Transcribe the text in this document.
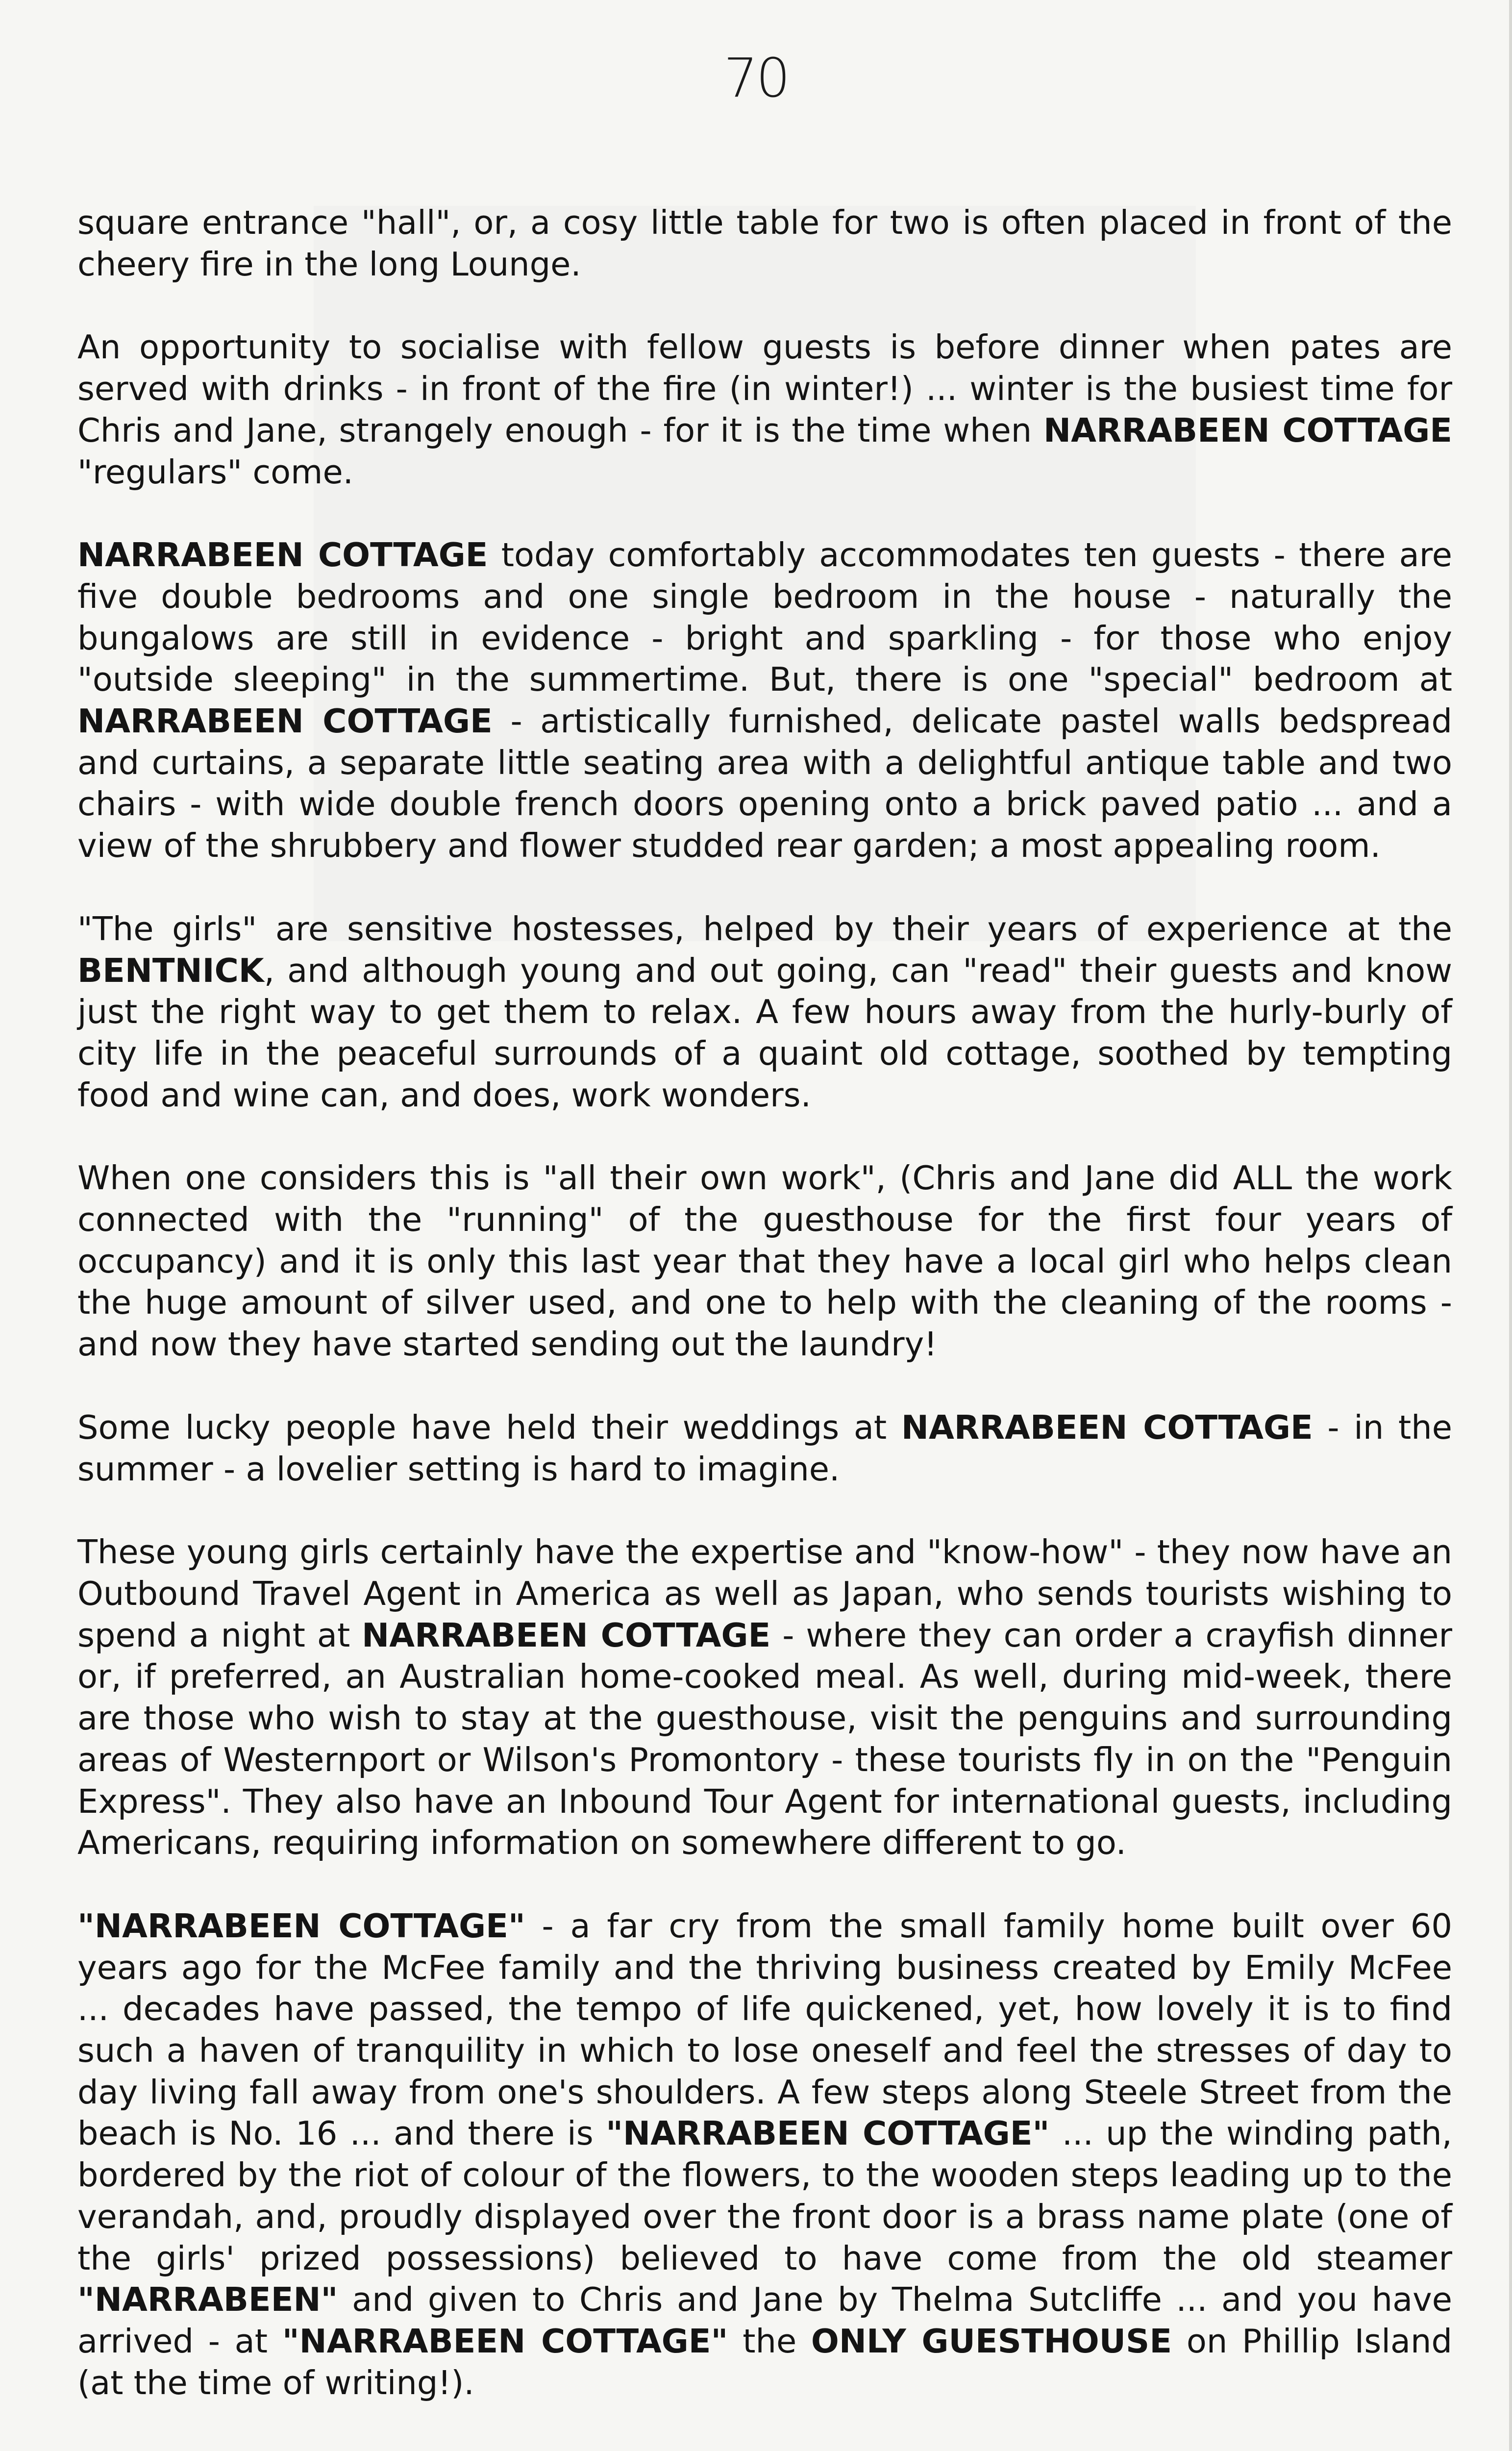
70

square entrance "hall", or, a cosy little table for two is often placed in front of the cheery fire in the long Lounge.

An opportunity to socialise with fellow guests is before dinner when pates are served with drinks - in front of the fire (in winter!) ... winter is the busiest time for Chris and Jane, strangely enough - for it is the time when NARRABEEN COTTAGE "regulars" come.

NARRABEEN COTTAGE today comfortably accommodates ten guests - there are five double bedrooms and one single bedroom in the house - naturally the bungalows are still in evidence - bright and sparkling - for those who enjoy "outside sleeping" in the summertime. But, there is one "special" bedroom at NARRABEEN COTTAGE - artistically furnished, delicate pastel walls bedspread and curtains, a separate little seating area with a delightful antique table and two chairs - with wide double french doors opening onto a brick paved patio ... and a view of the shrubbery and flower studded rear garden; a most appealing room.

"The girls" are sensitive hostesses, helped by their years of experience at the BENTNICK, and although young and out going, can "read" their guests and know just the right way to get them to relax. A few hours away from the hurly-burly of city life in the peaceful surrounds of a quaint old cottage, soothed by tempting food and wine can, and does, work wonders.

When one considers this is "all their own work", (Chris and Jane did ALL the work connected with the "running" of the guesthouse for the first four years of occupancy) and it is only this last year that they have a local girl who helps clean the huge amount of silver used, and one to help with the cleaning of the rooms - and now they have started sending out the laundry!

Some lucky people have held their weddings at NARRABEEN COTTAGE - in the summer - a lovelier setting is hard to imagine.

These young girls certainly have the expertise and "know-how" - they now have an Outbound Travel Agent in America as well as Japan, who sends tourists wishing to spend a night at NARRABEEN COTTAGE - where they can order a crayfish dinner or, if preferred, an Australian home-cooked meal. As well, during mid-week, there are those who wish to stay at the guesthouse, visit the penguins and surrounding areas of Westernport or Wilson's Promontory - these tourists fly in on the "Penguin Express". They also have an Inbound Tour Agent for international guests, including Americans, requiring information on somewhere different to go.

"NARRABEEN COTTAGE" - a far cry from the small family home built over 60 years ago for the McFee family and the thriving business created by Emily McFee ... decades have passed, the tempo of life quickened, yet, how lovely it is to find such a haven of tranquility in which to lose oneself and feel the stresses of day to day living fall away from one's shoulders. A few steps along Steele Street from the beach is No. 16 ... and there is "NARRABEEN COTTAGE" ... up the winding path, bordered by the riot of colour of the flowers, to the wooden steps leading up to the verandah, and, proudly displayed over the front door is a brass name plate (one of the girls' prized possessions) believed to have come from the old steamer "NARRABEEN" and given to Chris and Jane by Thelma Sutcliffe ... and you have arrived - at "NARRABEEN COTTAGE" the ONLY GUESTHOUSE on Phillip Island (at the time of writing!).
